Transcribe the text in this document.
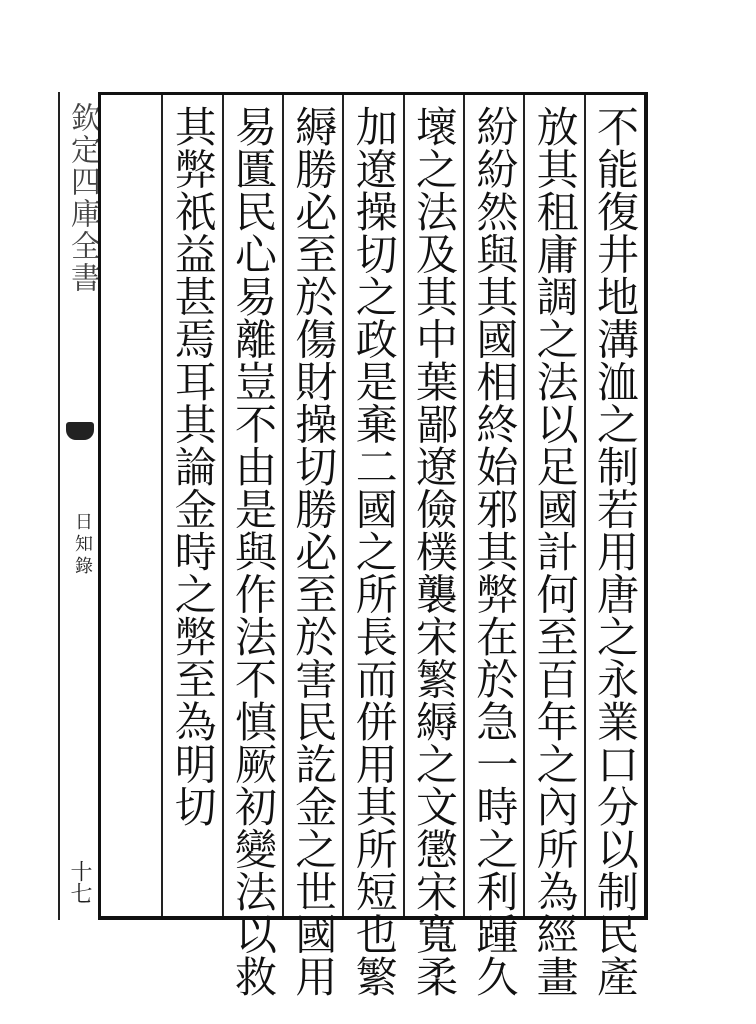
欽定四庫全書
日知錄
十七	不能復井地溝洫之制若用唐之永業口分以制民產
放其租庸調之法以足國計何至百年之內所為經畫
紛紛然與其國相終始邪其弊在於急一時之利踵久
壞之法及其中葉鄙遼儉樸襲宋繁縟之文懲宋寬柔
加遼操切之政是棄二國之所長而併用其所短也繁
縟勝必至於傷財操切勝必至於害民訖金之世國用
易匱民心易離豈不由是與作法不慎厥初變法以救
其弊祇益甚焉耳其論金時之弊至為明切
